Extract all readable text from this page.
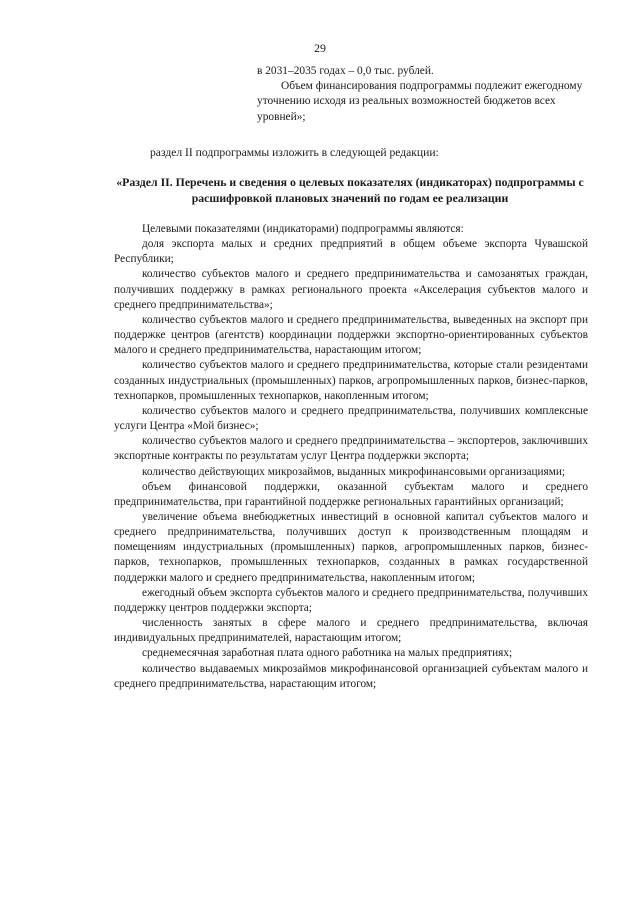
29
в 2031–2035 годах – 0,0 тыс. рублей.
Объем финансирования подпрограммы подлежит ежегодному уточнению исходя из реальных возможностей бюджетов всех уровней»;
раздел II подпрограммы изложить в следующей редакции:
«Раздел II. Перечень и сведения о целевых показателях (индикаторах) подпрограммы с расшифровкой плановых значений по годам ее реализации

Целевыми показателями (индикаторами) подпрограммы являются:

доля экспорта малых и средних предприятий в общем объеме экспорта Чувашской Республики;

количество субъектов малого и среднего предпринимательства и самозанятых граждан, получивших поддержку в рамках регионального проекта «Акселерация субъектов малого и среднего предпринимательства»;

количество субъектов малого и среднего предпринимательства, выведенных на экспорт при поддержке центров (агентств) координации поддержки экспортно-ориентированных субъектов малого и среднего предпринимательства, нарастающим итогом;

количество субъектов малого и среднего предпринимательства, которые стали резидентами созданных индустриальных (промышленных) парков, агропромышленных парков, бизнес-парков, технопарков, промышленных технопарков, накопленным итогом;

количество субъектов малого и среднего предпринимательства, получивших комплексные услуги Центра «Мой бизнес»;

количество субъектов малого и среднего предпринимательства – экспортеров, заключивших экспортные контракты по результатам услуг Центра поддержки экспорта;

количество действующих микрозаймов, выданных микрофинансовыми организациями;

объем финансовой поддержки, оказанной субъектам малого и среднего предпринимательства, при гарантийной поддержке региональных гарантийных организаций;

увеличение объема внебюджетных инвестиций в основной капитал субъектов малого и среднего предпринимательства, получивших доступ к производственным площадям и помещениям индустриальных (промышленных) парков, агропромышленных парков, бизнес-парков, технопарков, промышленных технопарков, созданных в рамках государственной поддержки малого и среднего предпринимательства, накопленным итогом;

ежегодный объем экспорта субъектов малого и среднего предпринимательства, получивших поддержку центров поддержки экспорта;

численность занятых в сфере малого и среднего предпринимательства, включая индивидуальных предпринимателей, нарастающим итогом;

среднемесячная заработная плата одного работника на малых предприятиях;

количество выдаваемых микрозаймов микрофинансовой организацией субъектам малого и среднего предпринимательства, нарастающим итогом;
